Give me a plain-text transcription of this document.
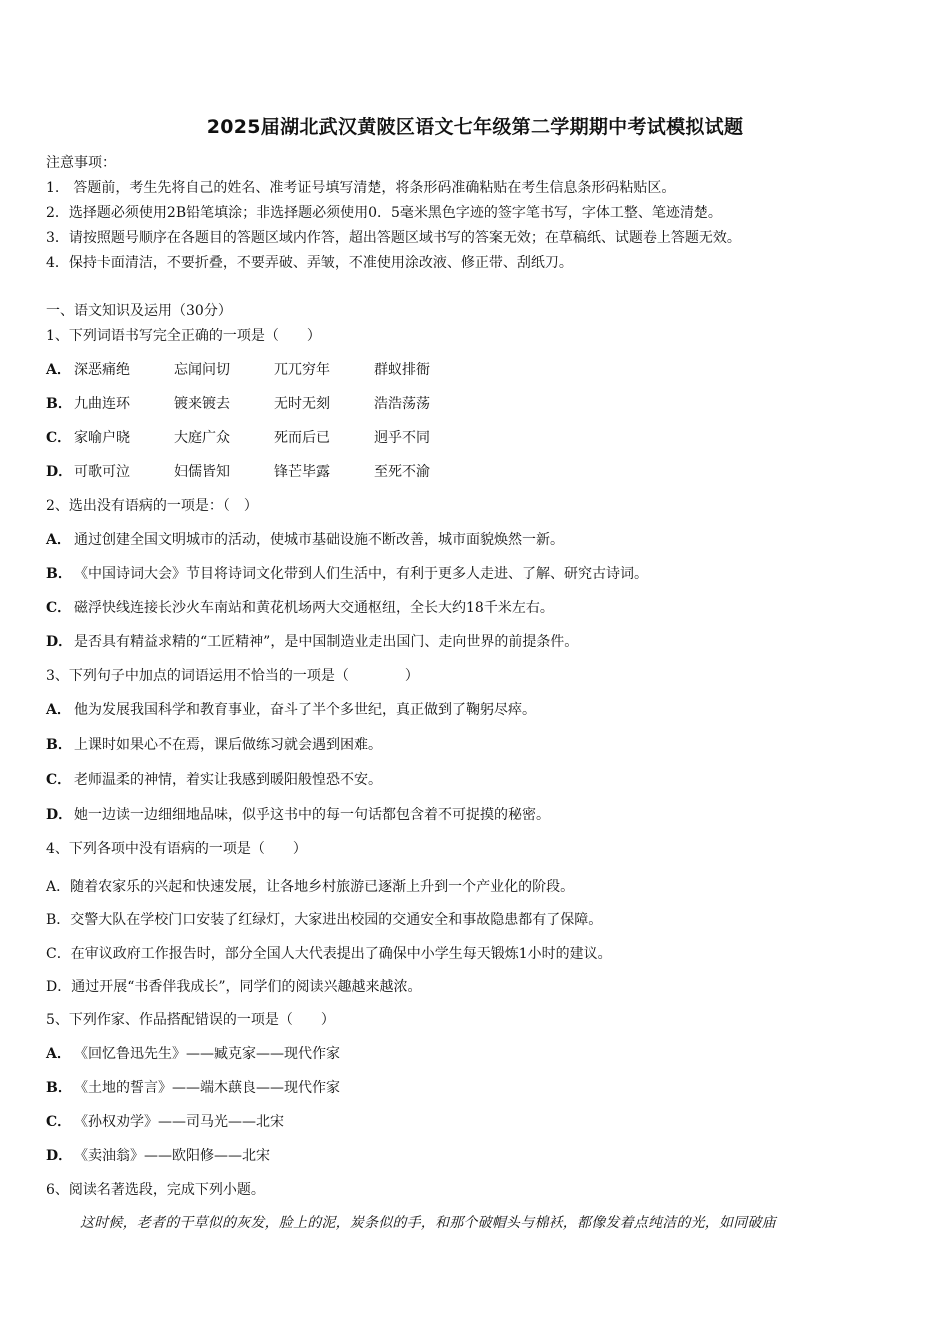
2025届湖北武汉黄陂区语文七年级第二学期期中考试模拟试题
注意事项：
1.　答题前，考生先将自己的姓名、准考证号填写清楚，将条形码准确粘贴在考生信息条形码粘贴区。
2．选择题必须使用2B铅笔填涂；非选择题必须使用0．5毫米黑色字迹的签字笔书写，字体工整、笔迹清楚。
3．请按照题号顺序在各题目的答题区域内作答，超出答题区域书写的答案无效；在草稿纸、试题卷上答题无效。
4．保持卡面清洁，不要折叠，不要弄破、弄皱，不准使用涂改液、修正带、刮纸刀。
一、语文知识及运用（30分）
1、下列词语书写完全正确的一项是（　　）
A． 深恶痛绝	忘闻问切	兀兀穷年	群蚁排衙
B． 九曲连环	镀来镀去	无时无刻	浩浩荡荡
C． 家喻户晓	大庭广众	死而后已	迥乎不同
D． 可歌可泣	妇儒皆知	锋芒毕露	至死不渝
2、选出没有语病的一项是：（　）
A． 通过创建全国文明城市的活动，使城市基础设施不断改善，城市面貌焕然一新。
B． 《中国诗词大会》节目将诗词文化带到人们生活中，有利于更多人走进、了解、研究古诗词。
C． 磁浮快线连接长沙火车南站和黄花机场两大交通枢纽，全长大约18千米左右。
D． 是否具有精益求精的“工匠精神”，是中国制造业走出国门、走向世界的前提条件。
3、下列句子中加点的词语运用不恰当的一项是（　　　　）
A． 他为发展我国科学和教育事业，奋斗了半个多世纪，真正做到了鞠躬尽瘁。
B． 上课时如果心不在焉，课后做练习就会遇到困难。
C． 老师温柔的神情，着实让我感到暖阳般惶恐不安。
D． 她一边读一边细细地品味，似乎这书中的每一句话都包含着不可捉摸的秘密。
4、下列各项中没有语病的一项是（　　）
A．随着农家乐的兴起和快速发展，让各地乡村旅游已逐渐上升到一个产业化的阶段。
B．交警大队在学校门口安装了红绿灯，大家进出校园的交通安全和事故隐患都有了保障。
C．在审议政府工作报告时，部分全国人大代表提出了确保中小学生每天锻炼1小时的建议。
D．通过开展“书香伴我成长”，同学们的阅读兴趣越来越浓。
5、下列作家、作品搭配错误的一项是（　　）
A． 《回忆鲁迅先生》——臧克家——现代作家
B． 《土地的誓言》——端木蕻良——现代作家
C． 《孙权劝学》——司马光——北宋
D． 《卖油翁》——欧阳修——北宋
6、阅读名著选段，完成下列小题。
这时候，老者的干草似的灰发，脸上的泥，炭条似的手，和那个破帽头与棉袄，都像发着点纯洁的光，如同破庙
